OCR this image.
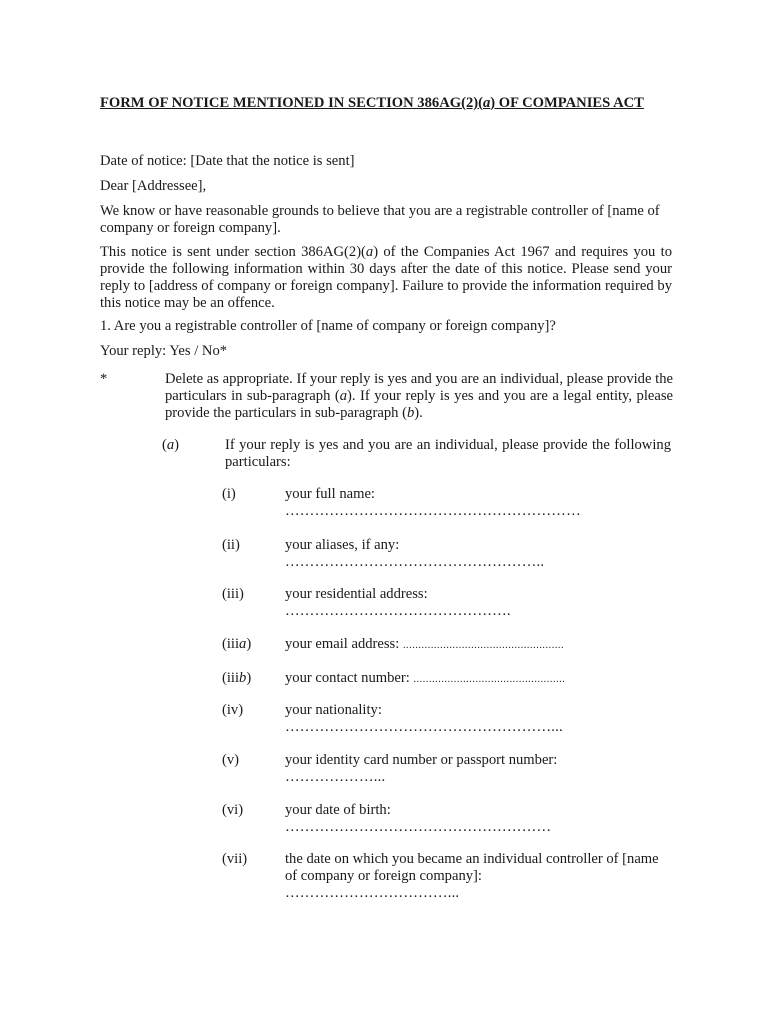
FORM OF NOTICE MENTIONED IN SECTION 386AG(2)(a) OF COMPANIES ACT

Date of notice: [Date that the notice is sent]

Dear [Addressee],

We know or have reasonable grounds to believe that you are a registrable controller of [name of company or foreign company].

This notice is sent under section 386AG(2)(a) of the Companies Act 1967 and requires you to provide the following information within 30 days after the date of this notice. Please send your reply to [address of company or foreign company]. Failure to provide the information required by this notice may be an offence.

1. Are you a registrable controller of [name of company or foreign company]?

Your reply: Yes / No*

*	Delete as appropriate. If your reply is yes and you are an individual, please provide the particulars in sub-paragraph (a). If your reply is yes and you are a legal entity, please provide the particulars in sub-paragraph (b).
(a)	If your reply is yes and you are an individual, please provide the following particulars:
(i)	your full name:
……………………………………………………
(ii)	your aliases, if any:
……………………………………………..
(iii)	your residential address:
……………………………………….
(iiia)	your email address: ....................................................
(iiib)	your contact number: .................................................
(iv)	your nationality:
………………………………………………...
(v)	your identity card number or passport number:
………………...
(vi)	your date of birth:
………………………………………………
(vii)	the date on which you became an individual controller of [name of company or foreign company]:
……………………………...
